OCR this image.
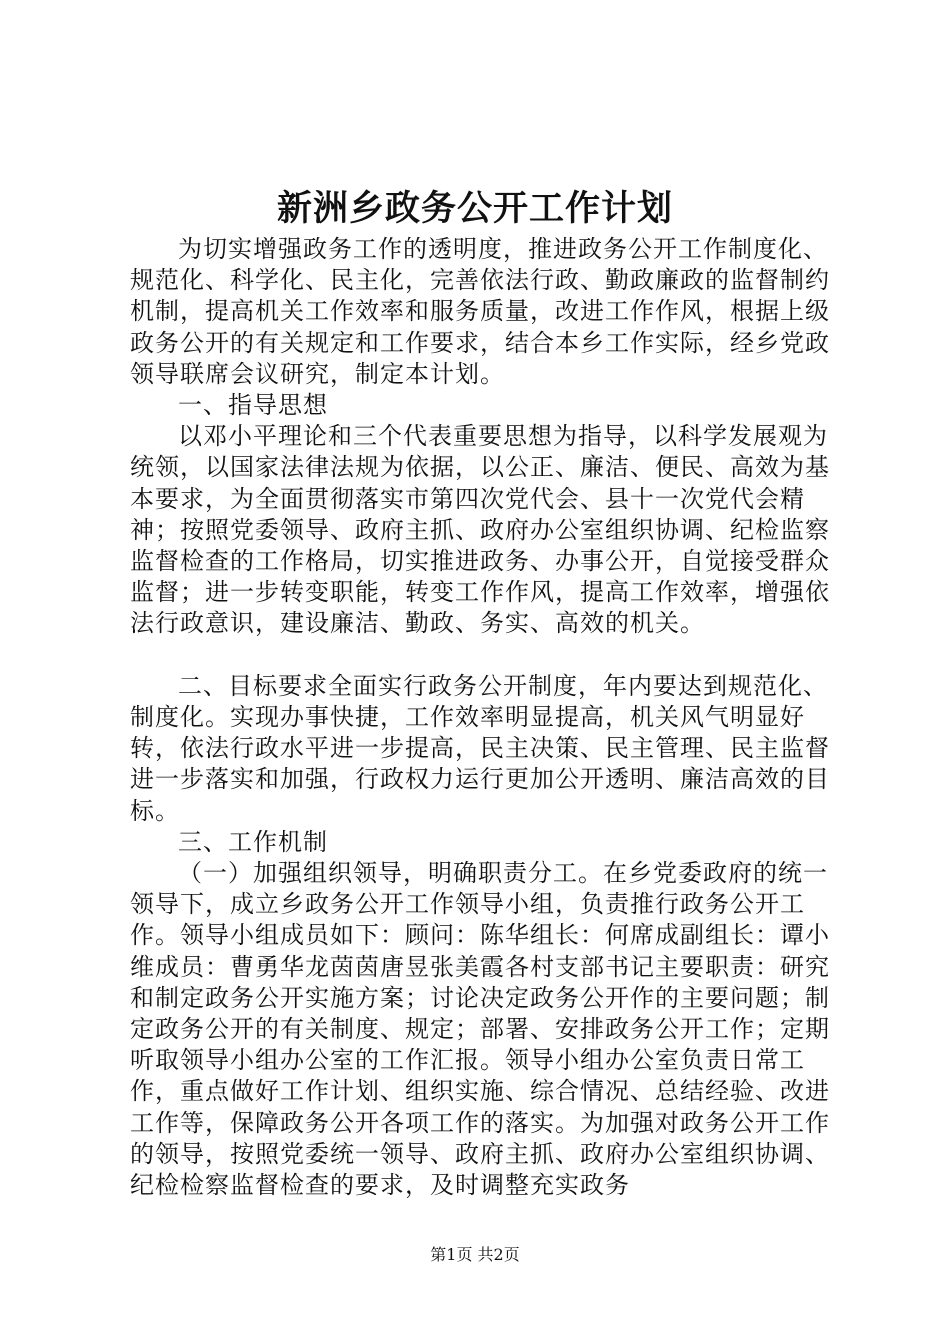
新洲乡政务公开工作计划

为切实增强政务工作的透明度，推进政务公开工作制度化、规范化、科学化、民主化，完善依法行政、勤政廉政的监督制约机制，提高机关工作效率和服务质量，改进工作作风，根据上级政务公开的有关规定和工作要求，结合本乡工作实际，经乡党政领导联席会议研究，制定本计划。

一、指导思想

以邓小平理论和三个代表重要思想为指导，以科学发展观为统领，以国家法律法规为依据，以公正、廉洁、便民、高效为基本要求，为全面贯彻落实市第四次党代会、县十一次党代会精神；按照党委领导、政府主抓、政府办公室组织协调、纪检监察监督检查的工作格局，切实推进政务、办事公开，自觉接受群众监督；进一步转变职能，转变工作作风，提高工作效率，增强依法行政意识，建设廉洁、勤政、务实、高效的机关。

二、目标要求全面实行政务公开制度，年内要达到规范化、制度化。实现办事快捷，工作效率明显提高，机关风气明显好转，依法行政水平进一步提高，民主决策、民主管理、民主监督进一步落实和加强，行政权力运行更加公开透明、廉洁高效的目标。

三、工作机制

（一）加强组织领导，明确职责分工。在乡党委政府的统一领导下，成立乡政务公开工作领导小组，负责推行政务公开工作。领导小组成员如下：顾问：陈华组长：何席成副组长：谭小维成员：曹勇华龙茵茵唐昱张美霞各村支部书记主要职责：研究和制定政务公开实施方案；讨论决定政务公开作的主要问题；制定政务公开的有关制度、规定；部署、安排政务公开工作；定期听取领导小组办公室的工作汇报。领导小组办公室负责日常工作，重点做好工作计划、组织实施、综合情况、总结经验、改进工作等，保障政务公开各项工作的落实。为加强对政务公开工作的领导，按照党委统一领导、政府主抓、政府办公室组织协调、纪检检察监督检查的要求，及时调整充实政务

第1页 共2页
